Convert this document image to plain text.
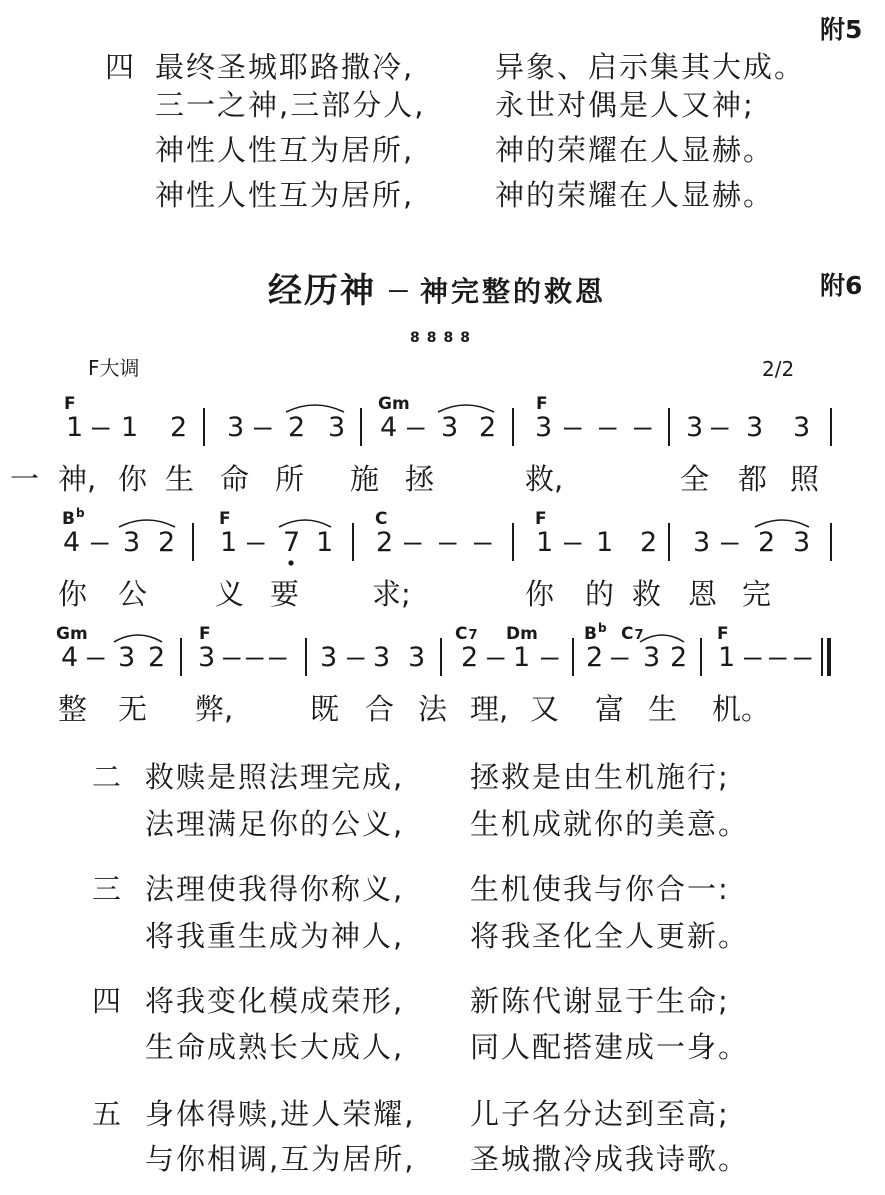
附5
四 最终圣城耶路撒冷,	异象、启示集其大成。
三一之神,三部分人, 永世对偶是人又神;
神性人性互为居所,	神的荣耀在人显赫。
神性人性互为居所,	神的荣耀在人显赫。
经历神 — 神完整的救恩	附6
8888
F大调	2/2
F	Gm	F
1 — 1 2 3 — 2 3 4 — 3 2 3 — — — 3 — 3 3
一 神, 你 生 命 所 施 拯	救,	全 都 照
$B^b$	F	C	F
4 — 3 2 1 — 7 1 2 — — — 1 — 1 2 3 — 2 3
你 公 义 要	求;	你 的 救 恩 完
Gm	F	C7 Dm	$B^b$ C7	F
4 — 3 2 3 — — — 3 — 3 3 2 — 1 — 2 — 3 2 1 — — —
整 无 弊,	既 合 法 理, 又 富 生 机。
二 救赎是照法理完成, 拯救是由生机施行;
法理满足你的公义, 生机成就你的美意。
三 法理使我得你称义, 生机使我与你合一:
将我重生成为神人, 将我圣化全人更新。
四 将我变化模成荣形, 新陈代谢显于生命;
生命成熟长大成人, 同人配搭建成一身。
五 身体得赎,进人荣耀, 儿子名分达到至高;
与你相调,互为居所, 圣城撒冷成我诗歌。
